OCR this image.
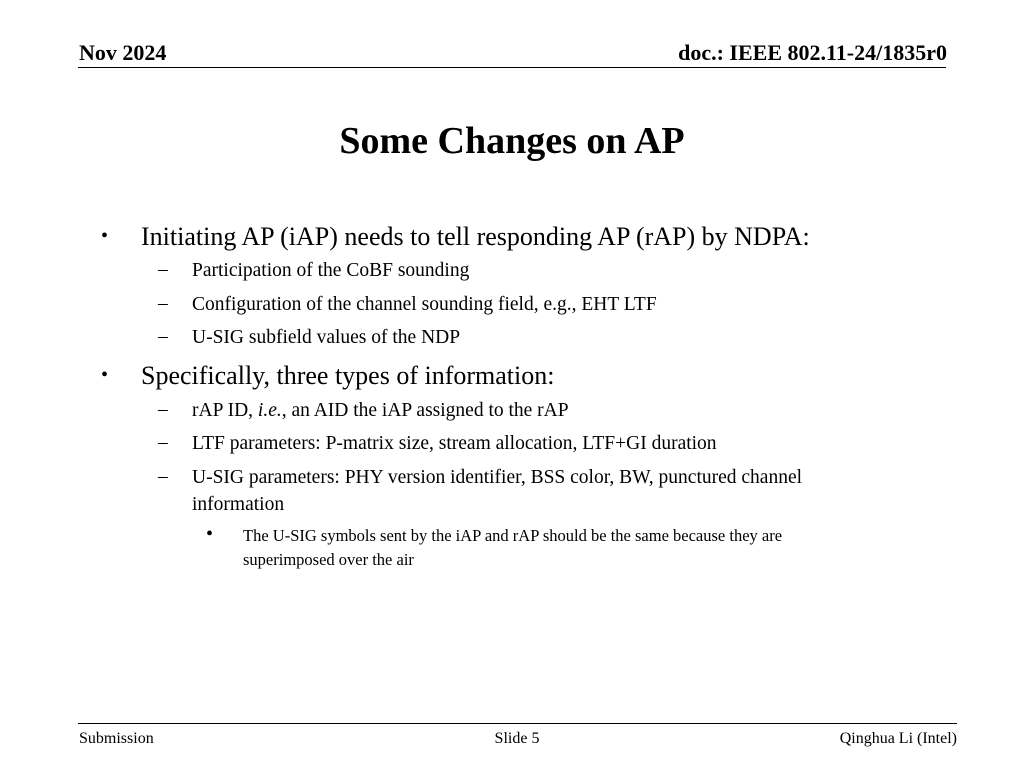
Nov 2024	doc.: IEEE 802.11-24/1835r0
Some Changes on AP
• Initiating AP (iAP) needs to tell responding AP (rAP) by NDPA:
– Participation of the CoBF sounding
– Configuration of the channel sounding field, e.g., EHT LTF
– U-SIG subfield values of the NDP
• Specifically, three types of information:
– rAP ID, i.e., an AID the iAP assigned to the rAP
– LTF parameters: P-matrix size, stream allocation, LTF+GI duration
– U-SIG parameters: PHY version identifier, BSS color, BW, punctured channel
information
• The U-SIG symbols sent by the iAP and rAP should be the same because they are
superimposed over the air
Submission	Slide 5	Qinghua Li (Intel)
